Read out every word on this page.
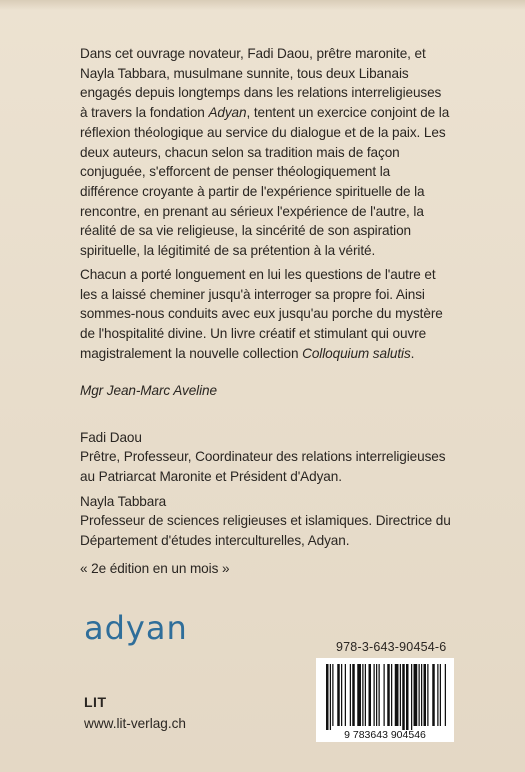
Dans cet ouvrage novateur, Fadi Daou, prêtre maronite, et Nayla Tabbara, musulmane sunnite, tous deux Libanais engagés depuis longtemps dans les relations interreligieuses à travers la fondation Adyan, tentent un exercice conjoint de la réflexion théologique au service du dialogue et de la paix. Les deux auteurs, chacun selon sa tradition mais de façon conjuguée, s'efforcent de penser théologiquement la différence croyante à partir de l'expérience spirituelle de la rencontre, en prenant au sérieux l'expérience de l'autre, la réalité de sa vie religieuse, la sincérité de son aspiration spirituelle, la légitimité de sa prétention à la vérité.
Chacun a porté longuement en lui les questions de l'autre et les a laissé cheminer jusqu'à interroger sa propre foi. Ainsi sommes-nous conduits avec eux jusqu'au porche du mystère de l'hospitalité divine. Un livre créatif et stimulant qui ouvre magistralement la nouvelle collection Colloquium salutis.
Mgr Jean-Marc Aveline
Fadi Daou
Prêtre, Professeur, Coordinateur des relations interreligieuses au Patriarcat Maronite et Président d'Adyan.
Nayla Tabbara
Professeur de sciences religieuses et islamiques. Directrice du Département d'études interculturelles, Adyan.
« 2e édition en un mois »
adyan
LIT
www.lit-verlag.ch
978-3-643-90454-6
9 783643 904546
